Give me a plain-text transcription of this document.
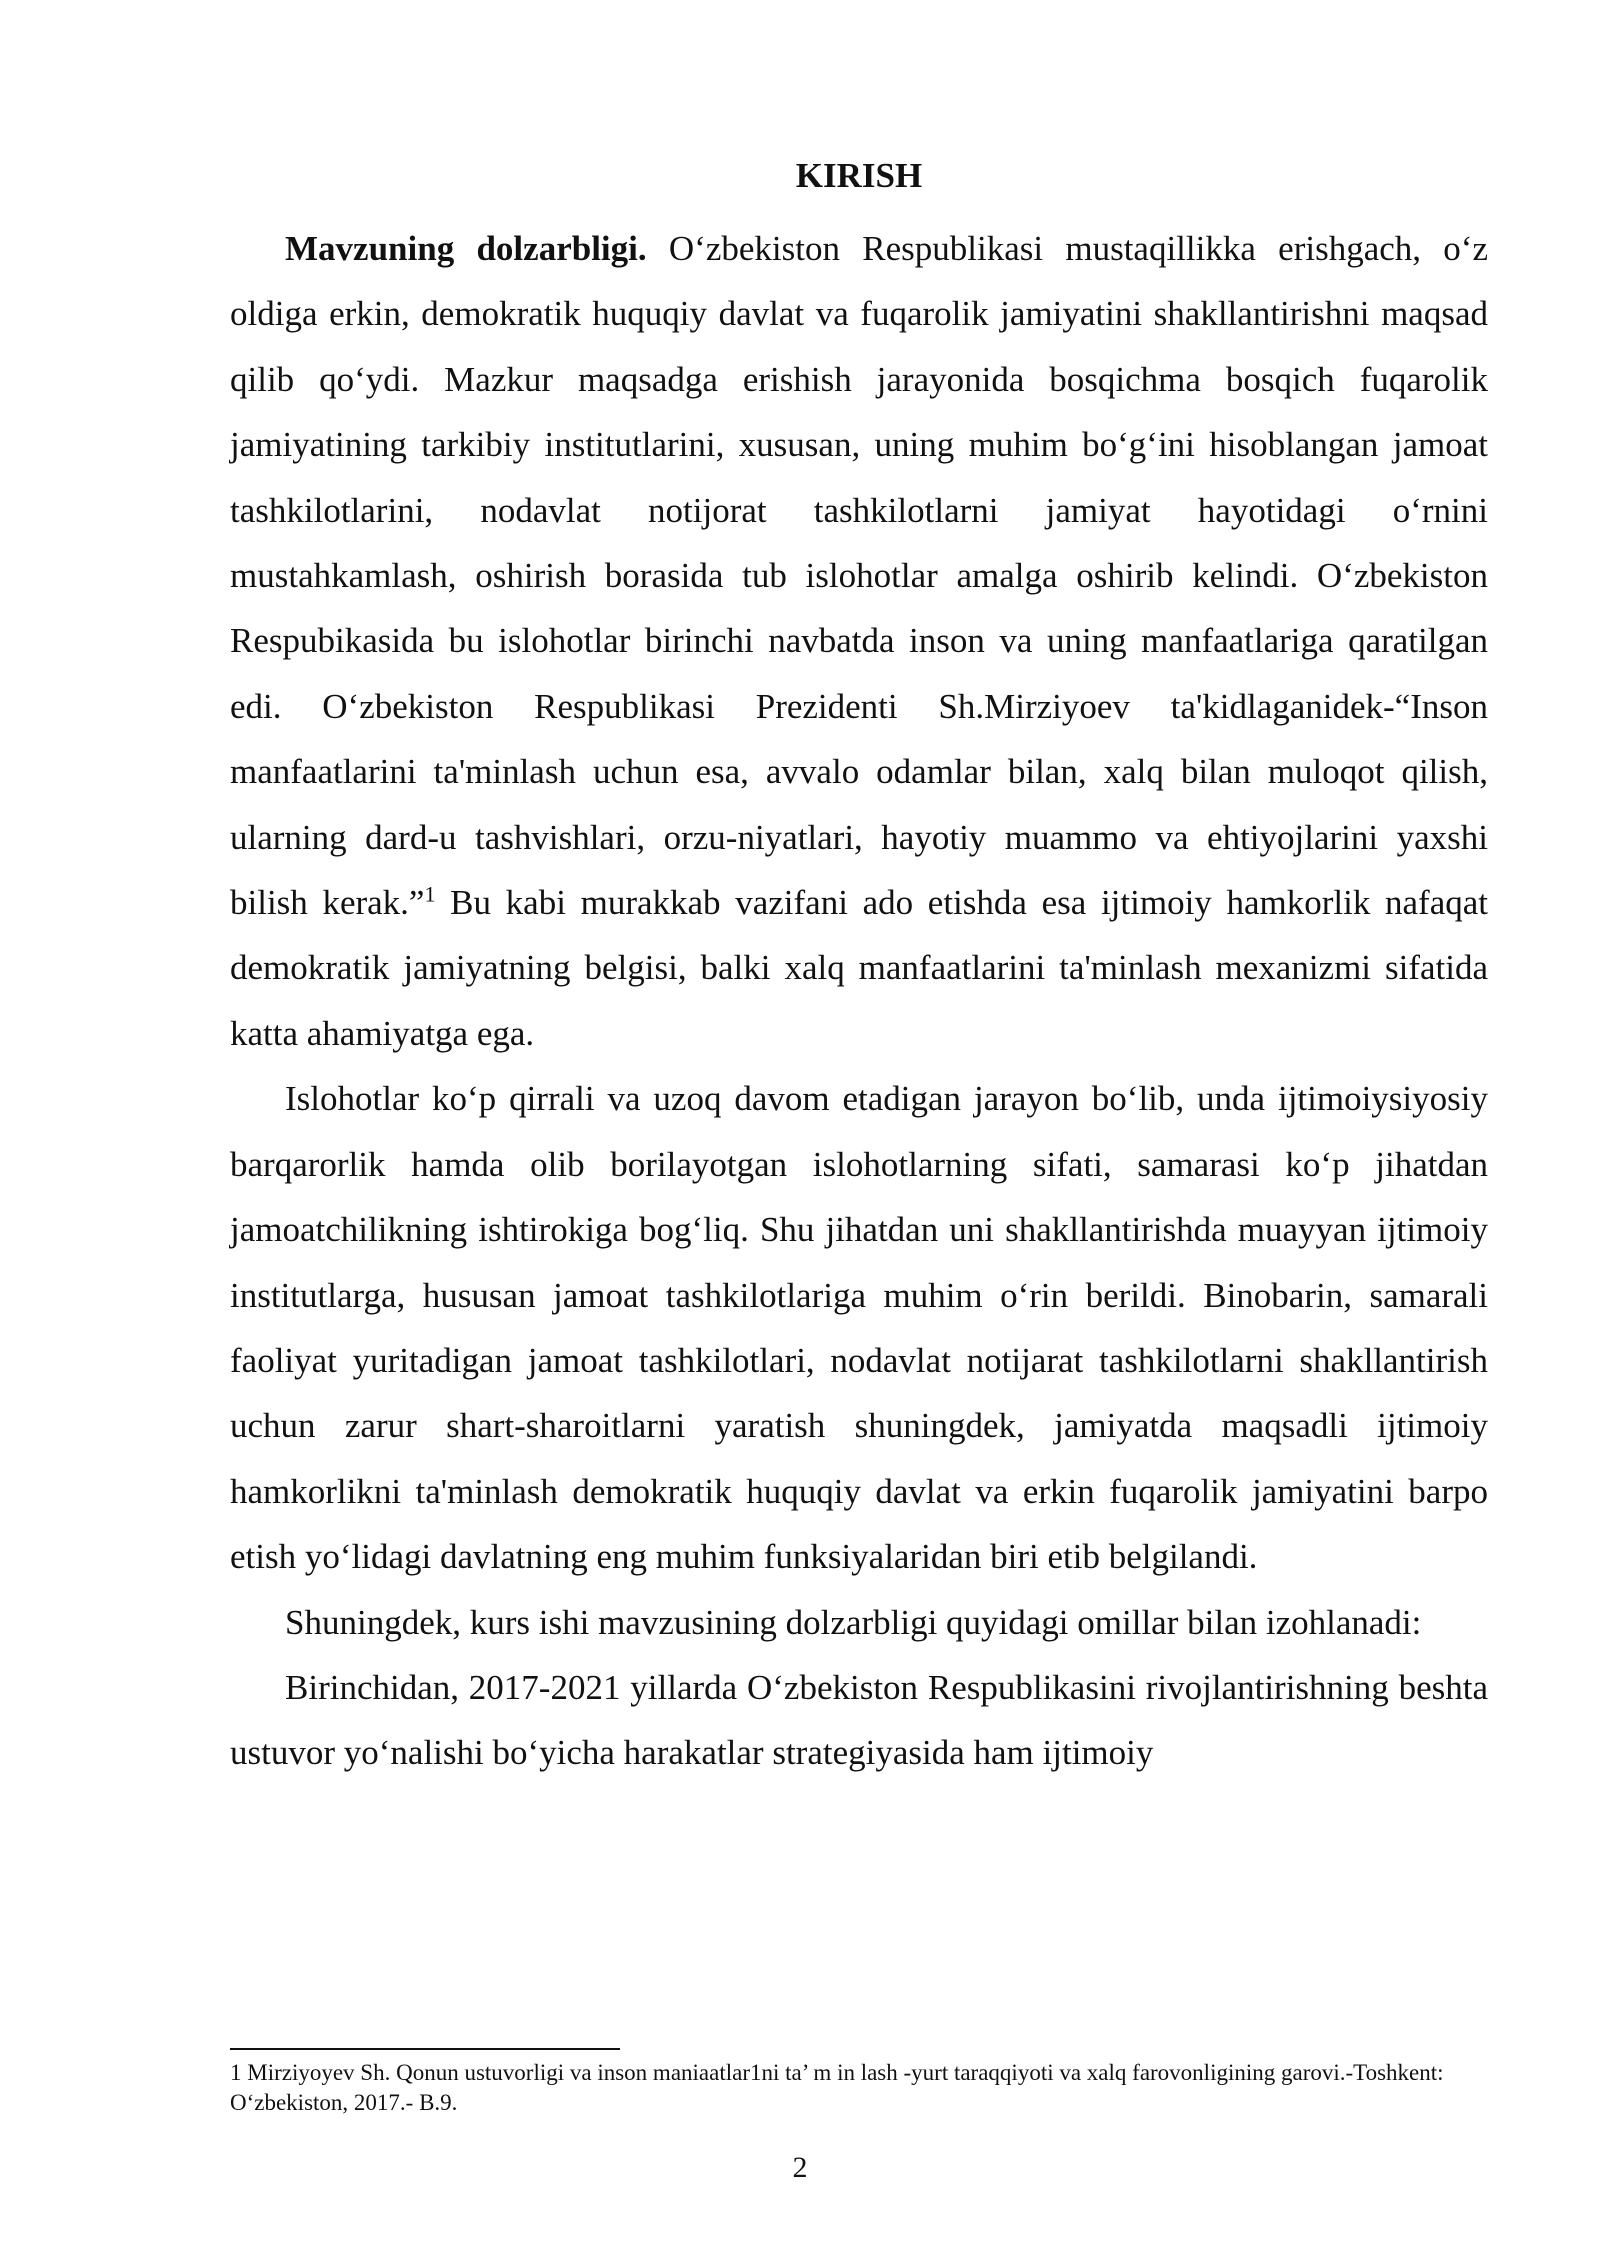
KIRISH

Mavzuning dolzarbligi. O‘zbekiston Respublikasi mustaqillikka erishgach, o‘z oldiga erkin, demokratik huquqiy davlat va fuqarolik jamiyatini shakllantirishni maqsad qilib qo‘ydi. Mazkur maqsadga erishish jarayonida bosqichma bosqich fuqarolik jamiyatining tarkibiy institutlarini, xususan, uning muhim bo‘g‘ini hisoblangan jamoat tashkilotlarini, nodavlat notijorat tashkilotlarni jamiyat hayotidagi o‘rnini mustahkamlash, oshirish borasida tub islohotlar amalga oshirib kelindi. O‘zbekiston Respubikasida bu islohotlar birinchi navbatda inson va uning manfaatlariga qaratilgan edi. O‘zbekiston Respublikasi Prezidenti Sh.Mirziyoev ta'kidlaganidek-“Inson manfaatlarini ta'minlash uchun esa, avvalo odamlar bilan, xalq bilan muloqot qilish, ularning dard-u tashvishlari, orzu-niyatlari, hayotiy muammo va ehtiyojlarini yaxshi bilish kerak.”$^1$ Bu kabi murakkab vazifani ado etishda esa ijtimoiy hamkorlik nafaqat demokratik jamiyatning belgisi, balki xalq manfaatlarini ta'minlash mexanizmi sifatida katta ahamiyatga ega.

Islohotlar ko‘p qirrali va uzoq davom etadigan jarayon bo‘lib, unda ijtimoiysiyosiy barqarorlik hamda olib borilayotgan islohotlarning sifati, samarasi ko‘p jihatdan jamoatchilikning ishtirokiga bog‘liq. Shu jihatdan uni shakllantirishda muayyan ijtimoiy institutlarga, hususan jamoat tashkilotlariga muhim o‘rin berildi. Binobarin, samarali faoliyat yuritadigan jamoat tashkilotlari, nodavlat notijarat tashkilotlarni shakllantirish uchun zarur shart-sharoitlarni yaratish shuningdek, jamiyatda maqsadli ijtimoiy hamkorlikni ta'minlash demokratik huquqiy davlat va erkin fuqarolik jamiyatini barpo etish yo‘lidagi davlatning eng muhim funksiyalaridan biri etib belgilandi.

Shuningdek, kurs ishi mavzusining dolzarbligi quyidagi omillar bilan izohlanadi:

Birinchidan, 2017-2021 yillarda O‘zbekiston Respublikasini rivojlantirishning beshta ustuvor yo‘nalishi bo‘yicha harakatlar strategiyasida ham ijtimoiy

1 Mirziyoyev Sh. Qonun ustuvorligi va inson maniaatlar1ni ta’ m in lash -yurt taraqqiyoti va xalq farovonligining garovi.-Toshkent: O‘zbekiston, 2017.- B.9.

2
